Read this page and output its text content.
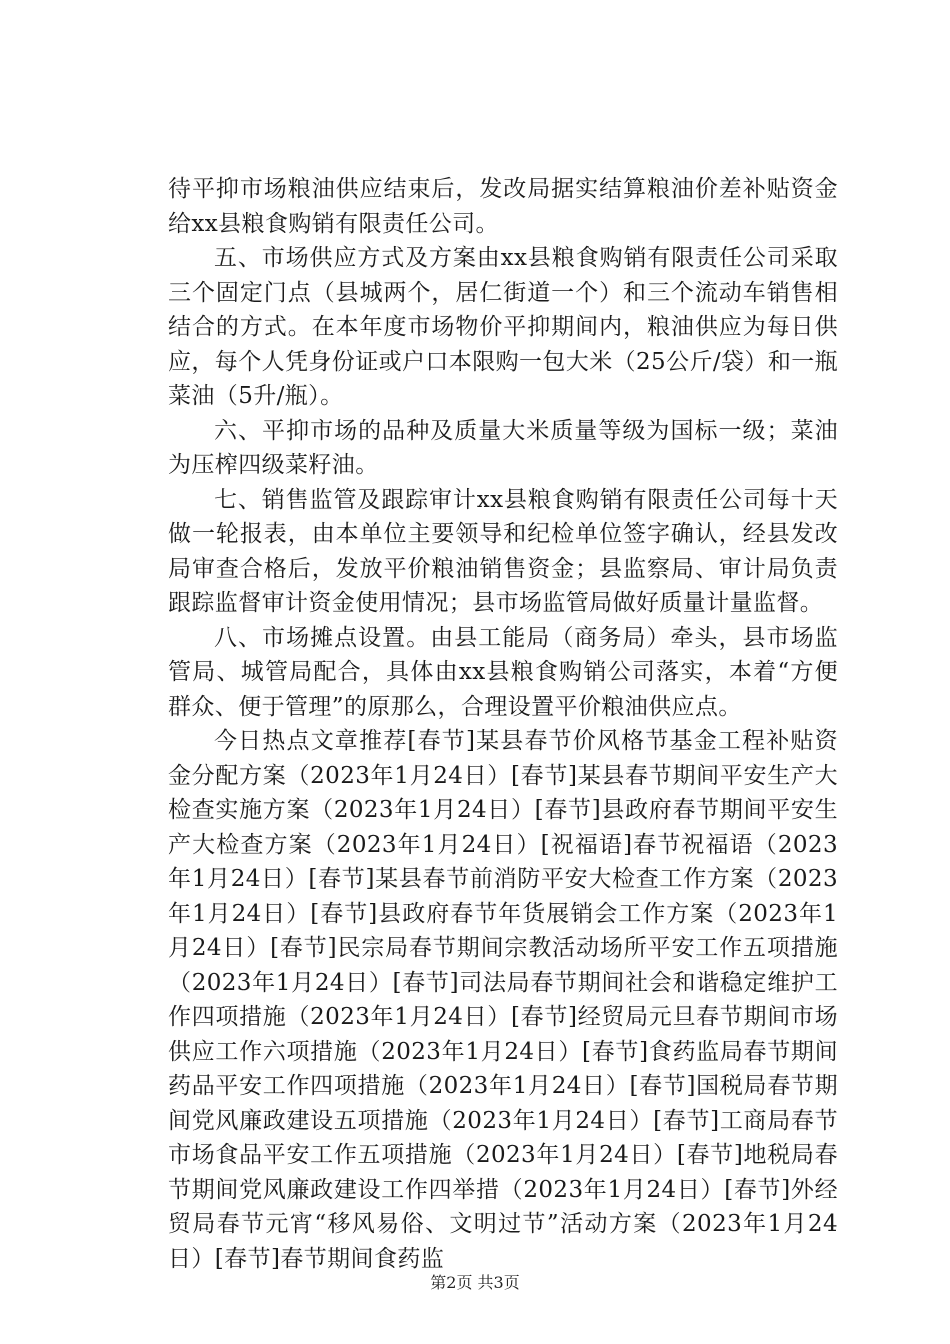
待平抑市场粮油供应结束后，发改局据实结算粮油价差补贴资金给xx县粮食购销有限责任公司。

五、市场供应方式及方案由xx县粮食购销有限责任公司采取三个固定门点（县城两个，居仁街道一个）和三个流动车销售相结合的方式。在本年度市场物价平抑期间内，粮油供应为每日供应，每个人凭身份证或户口本限购一包大米（25公斤/袋）和一瓶菜油（5升/瓶）。

六、平抑市场的品种及质量大米质量等级为国标一级；菜油为压榨四级菜籽油。

七、销售监管及跟踪审计xx县粮食购销有限责任公司每十天做一轮报表，由本单位主要领导和纪检单位签字确认，经县发改局审查合格后，发放平价粮油销售资金；县监察局、审计局负责跟踪监督审计资金使用情况；县市场监管局做好质量计量监督。

八、市场摊点设置。由县工能局（商务局）牵头，县市场监管局、城管局配合，具体由xx县粮食购销公司落实，本着“方便群众、便于管理”的原那么，合理设置平价粮油供应点。

今日热点文章推荐[春节]某县春节价风格节基金工程补贴资金分配方案（2023年1月24日）[春节]某县春节期间平安生产大检查实施方案（2023年1月24日）[春节]县政府春节期间平安生产大检查方案（2023年1月24日）[祝福语]春节祝福语（2023年1月24日）[春节]某县春节前消防平安大检查工作方案（2023年1月24日）[春节]县政府春节年货展销会工作方案（2023年1月24日）[春节]民宗局春节期间宗教活动场所平安工作五项措施（2023年1月24日）[春节]司法局春节期间社会和谐稳定维护工作四项措施（2023年1月24日）[春节]经贸局元旦春节期间市场供应工作六项措施（2023年1月24日）[春节]食药监局春节期间药品平安工作四项措施（2023年1月24日）[春节]国税局春节期间党风廉政建设五项措施（2023年1月24日）[春节]工商局春节市场食品平安工作五项措施（2023年1月24日）[春节]地税局春节期间党风廉政建设工作四举措（2023年1月24日）[春节]外经贸局春节元宵“移风易俗、文明过节”活动方案（2023年1月24日）[春节]春节期间食药监

第2页 共3页
